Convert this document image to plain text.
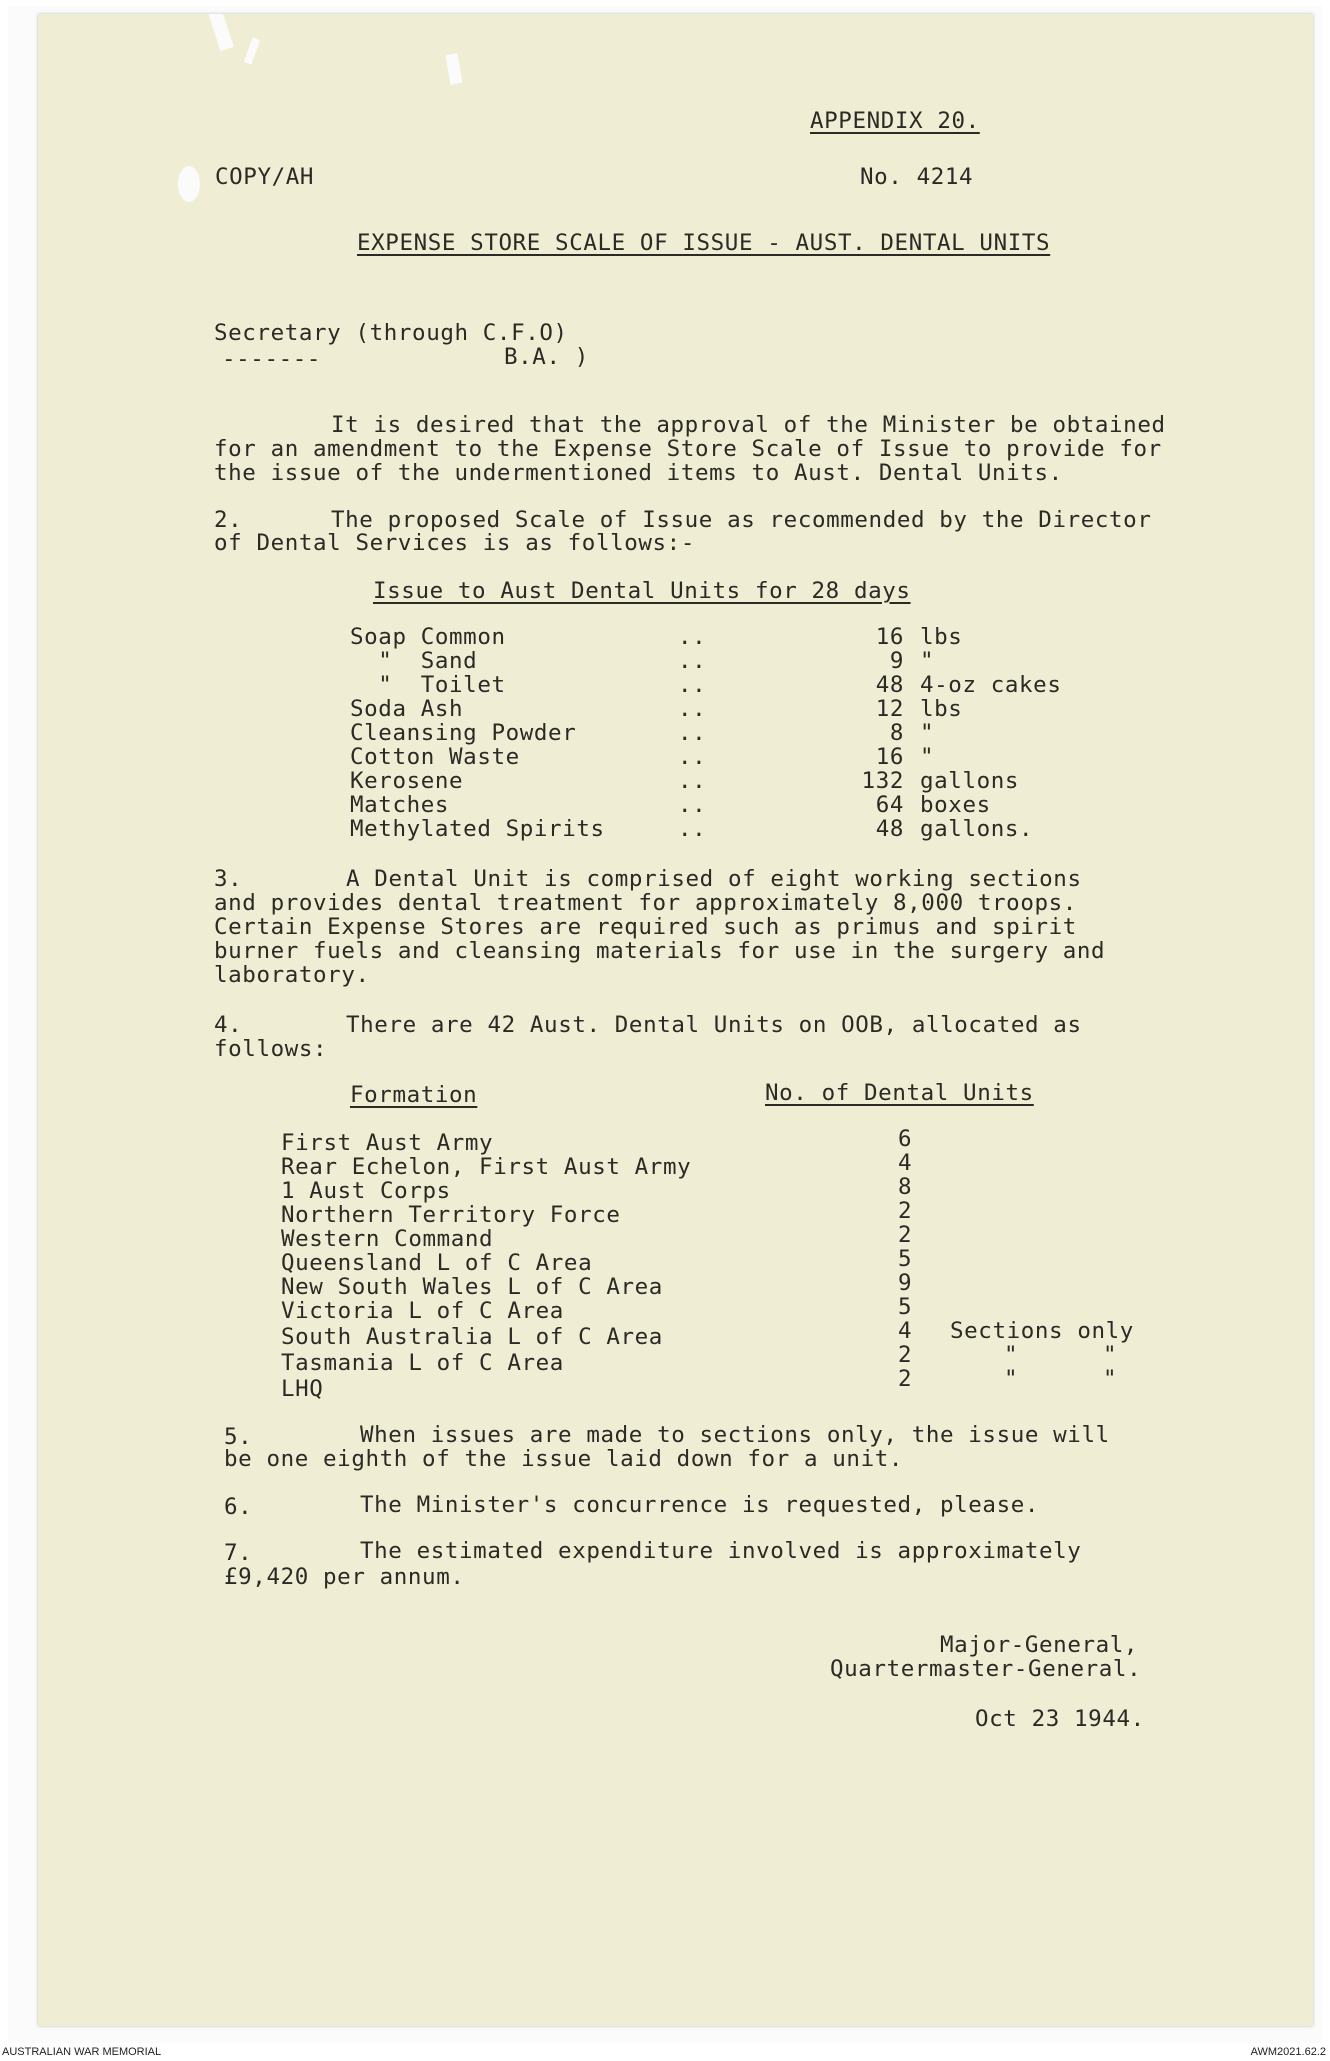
APPENDIX 20.
COPY/AH	No. 4214
EXPENSE STORE SCALE OF ISSUE - AUST. DENTAL UNITS
Secretary (through C.F.O)
-------	B.A. )
It is desired that the approval of the Minister be obtained
for an amendment to the Expense Store Scale of Issue to provide for
the issue of the undermentioned items to Aust. Dental Units.
2.	The proposed Scale of Issue as recommended by the Director
of Dental Services is as follows:-
Issue to Aust Dental Units for 28 days
Soap Common	..	16 lbs
"  Sand	..	9 "
"  Toilet	..	48 4-oz cakes
Soda Ash	..	12 lbs
Cleansing Powder	..	8 "
Cotton Waste	..	16 "
Kerosene	..	132 gallons
Matches	..	64 boxes
Methylated Spirits	..	48 gallons.
3.	A Dental Unit is comprised of eight working sections
and provides dental treatment for approximately 8,000 troops.
Certain Expense Stores are required such as primus and spirit
burner fuels and cleansing materials for use in the surgery and
laboratory.
4.	There are 42 Aust. Dental Units on OOB, allocated as
follows:
Formation	No. of Dental Units
First Aust Army	6
Rear Echelon, First Aust Army	4
1 Aust Corps	8
Northern Territory Force	2
Western Command	2
Queensland L of C Area	5
New South Wales L of C Area	9
Victoria L of C Area	5
South Australia L of C Area	4 Sections only
Tasmania L of C Area	2	"      "
LHQ	2	"      "
5.	When issues are made to sections only, the issue will
be one eighth of the issue laid down for a unit.
6.	The Minister's concurrence is requested, please.
7.	The estimated expenditure involved is approximately
£9,420 per annum.
Major-General,
Quartermaster-General.
Oct 23 1944.
AUSTRALIAN WAR MEMORIAL	AWM2021.62.2
